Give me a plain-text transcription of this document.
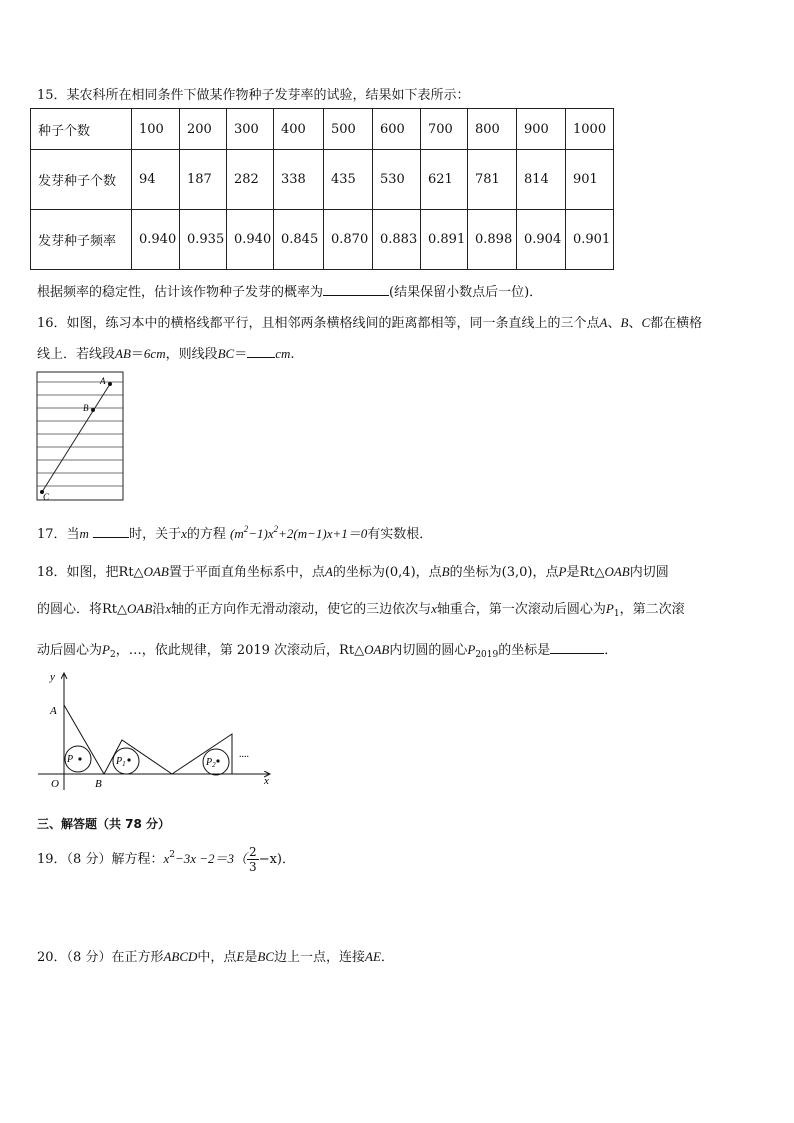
15．某农科所在相同条件下做某作物种子发芽率的试验，结果如下表所示：
种子个数	100	200	300	400	500	600	700	800	900	1000
发芽种子个数	94	187	282	338	435	530	621	781	814	901
发芽种子频率	0.940	0.935	0.940	0.845	0.870	0.883	0.891	0.898	0.904	0.901
根据频率的稳定性，估计该作物种子发芽的概率为	(结果保留小数点后一位)．
16．如图，练习本中的横格线都平行，且相邻两条横格线间的距离都相等，同一条直线上的三个点A、B、C都在横格
线上．若线段AB＝6cm，则线段BC＝ cm.
A
B
C
17．当m	时，关于x的方程 $(m^2-1)x^2+2(m-1)x+1=0$有实数根．
18．如图，把Rt△OAB置于平面直角坐标系中，点A的坐标为(0,4)，点B的坐标为(3,0)，点P是Rt△OAB内切圆
的圆心．将Rt△OAB沿x轴的正方向作无滑动滚动，使它的三边依次与x轴重合，第一次滚动后圆心为$P_1$，第二次滚
动后圆心为$P_2$，…，依此规律，第 2019 次滚动后，Rt△OAB内切圆的圆心$P_{2019}$的坐标是	．
y
x
O
A
B
P	$P_1$	$P_2$
....
三、解答题（共 78 分）
19．（8 分）解方程：$x^2-3x -2=3( \frac{2}{3} -x)$．
20．（8 分）在正方形ABCD中，点E是BC边上一点，连接AE．
